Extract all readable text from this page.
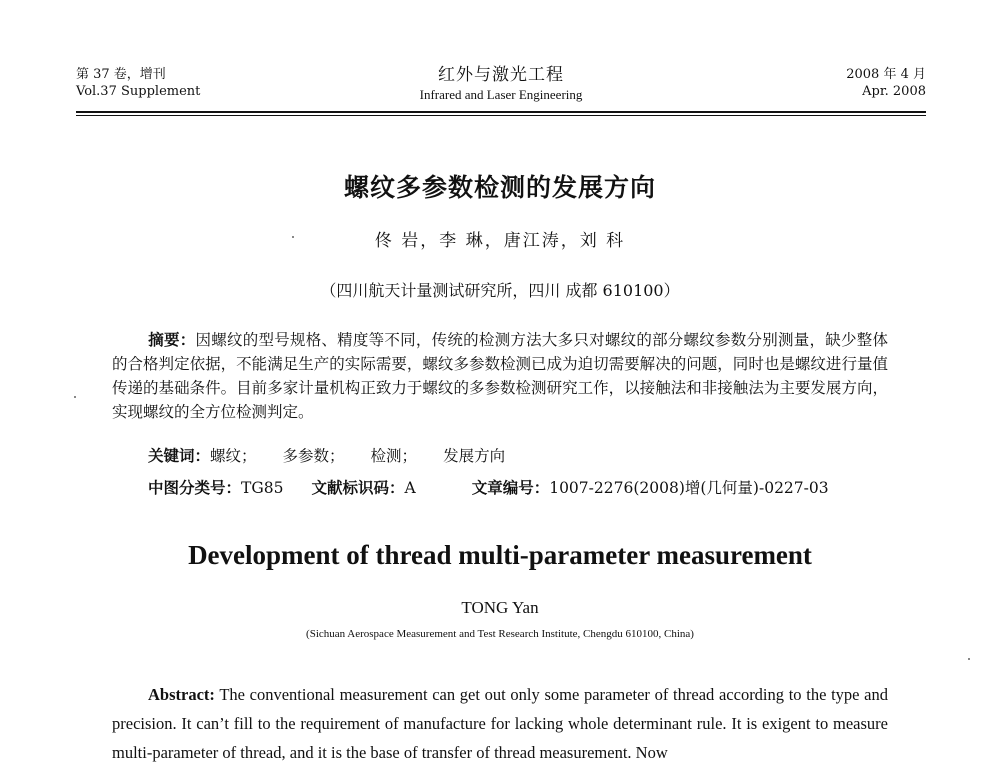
第 37 卷，增刊
Vol.37 Supplement
红外与激光工程
Infrared and Laser Engineering
2008 年 4 月
Apr. 2008
螺纹多参数检测的发展方向
佟 岩，李 琳，唐江涛，刘 科
（四川航天计量测试研究所，四川 成都 610100）
摘要：因螺纹的型号规格、精度等不同，传统的检测方法大多只对螺纹的部分螺纹参数分别测量，缺少整体的合格判定依据，不能满足生产的实际需要，螺纹多参数检测已成为迫切需要解决的问题，同时也是螺纹进行量值传递的基础条件。目前多家计量机构正致力于螺纹的多参数检测研究工作，以接触法和非接触法为主要发展方向，实现螺纹的全方位检测判定。
关键词：螺纹； 多参数； 检测； 发展方向
中图分类号：TG85 文献标识码：A	文章编号：1007-2276(2008)增(几何量)-0227-03
Development of thread multi-parameter measurement
TONG Yan
(Sichuan Aerospace Measurement and Test Research Institute, Chengdu 610100, China)
Abstract: The conventional measurement can get out only some parameter of thread according to the type and precision. It can’t fill to the requirement of manufacture for lacking whole determinant rule. It is exigent to measure multi-parameter of thread, and it is the base of transfer of thread measurement. Now
